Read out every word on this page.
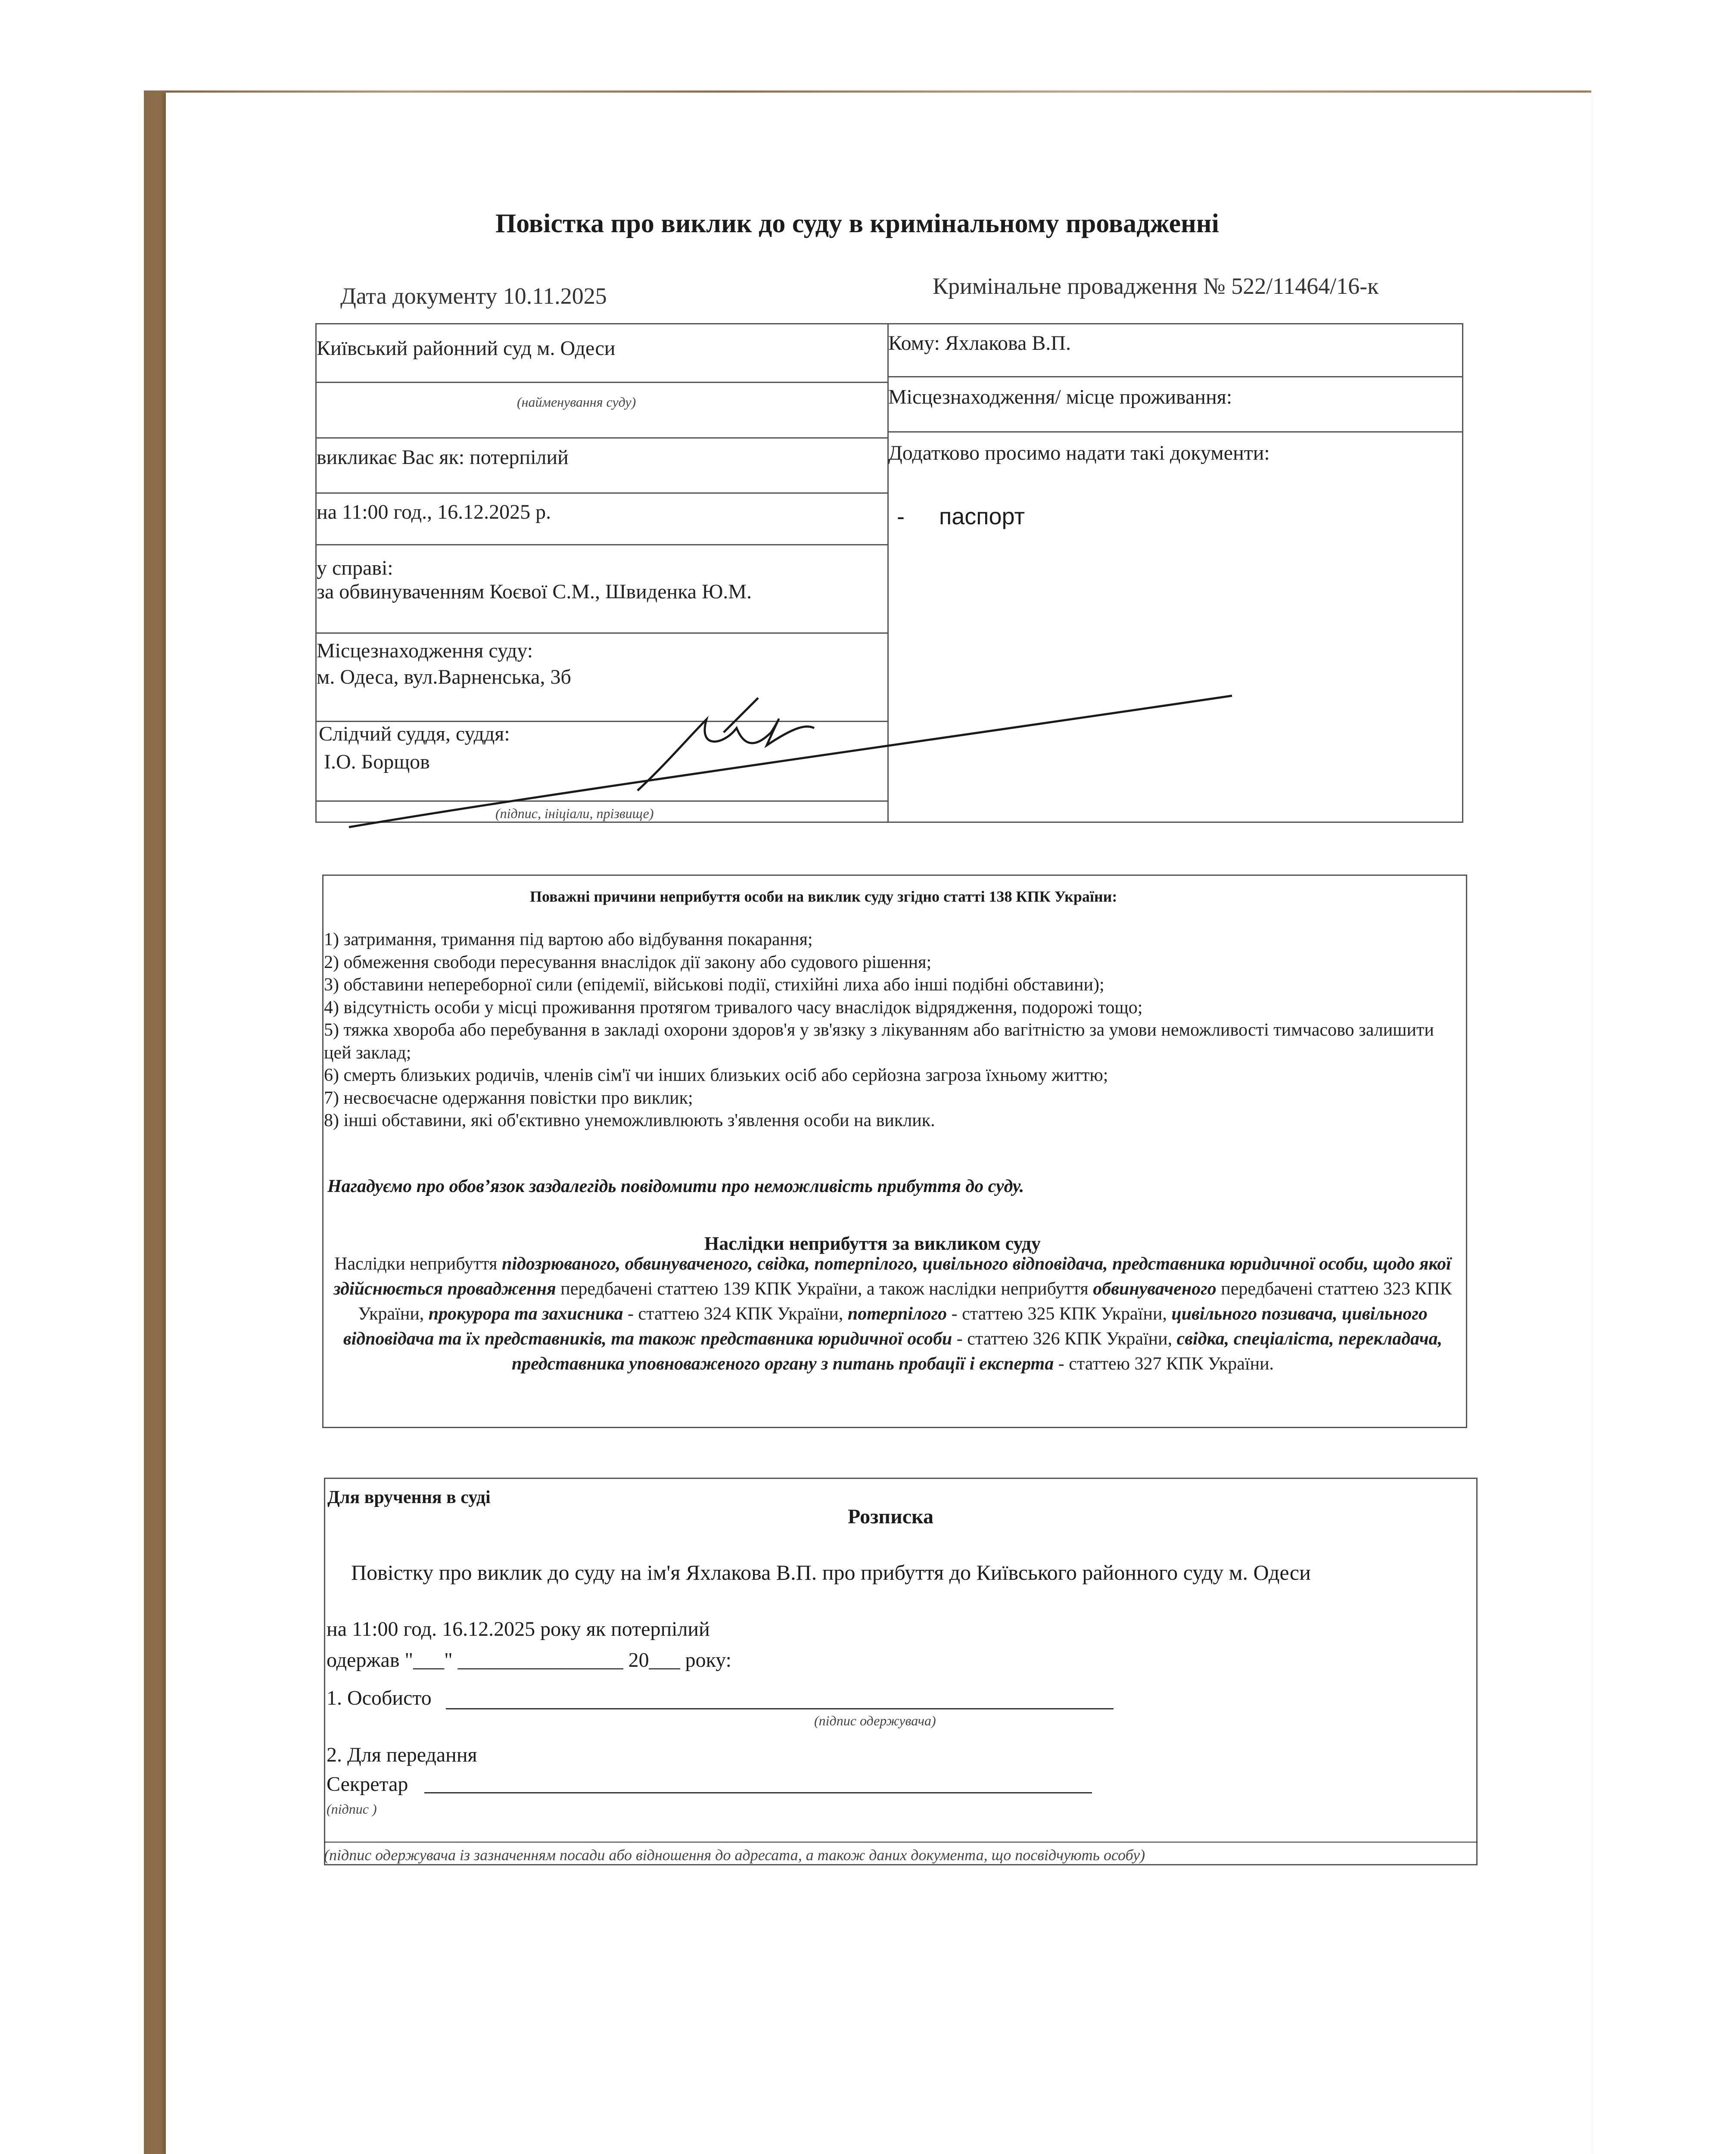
Повістка про виклик до суду в кримінальному провадженні
Дата документу 10.11.2025	Кримінальне провадження № 522/11464/16-к
Київський районний суд м. Одеси
(найменування суду)
викликає Вас як: потерпілий
на 11:00 год., 16.12.2025 р.
у справі:
за обвинуваченням Коєвої С.М., Швиденка Ю.М.
Місцезнаходження суду:
м. Одеса, вул.Варненська, 3б
Слідчий суддя, суддя:
І.О. Борщов
(підпис, ініціали, прізвище)
Кому: Яхлакова В.П.
Місцезнаходження/ місце проживання:
Додатково просимо надати такі документи:
- паспорт
Поважні причини неприбуття особи на виклик суду згідно статті 138 КПК України:
1) затримання, тримання під вартою або відбування покарання;
2) обмеження свободи пересування внаслідок дії закону або судового рішення;
3) обставини непереборної сили (епідемії, військові події, стихійні лиха або інші подібні обставини);
4) відсутність особи у місці проживання протягом тривалого часу внаслідок відрядження, подорожі тощо;
5) тяжка хвороба або перебування в закладі охорони здоров'я у зв'язку з лікуванням або вагітністю за умови неможливості тимчасово залишити цей заклад;
6) смерть близьких родичів, членів сім'ї чи інших близьких осіб або серйозна загроза їхньому життю;
7) несвоєчасне одержання повістки про виклик;
8) інші обставини, які об'єктивно унеможливлюють з'явлення особи на виклик.
Нагадуємо про обов’язок заздалегідь повідомити про неможливість прибуття до суду.
Наслідки неприбуття за викликом суду
Наслідки неприбуття підозрюваного, обвинуваченого, свідка, потерпілого, цивільного відповідача, представника юридичної особи, щодо якої здійснюється провадження передбачені статтею 139 КПК України, а також наслідки неприбуття обвинуваченого передбачені статтею 323 КПК України, прокурора та захисника - статтею 324 КПК України, потерпілого - статтею 325 КПК України, цивільного позивача, цивільного відповідача та їх представників, та також представника юридичної особи - статтею 326 КПК України, свідка, спеціаліста, перекладача, представника уповноваженого органу з питань пробації і експерта - статтею 327 КПК України.
Для вручення в суді
Розписка
Повістку про виклик до суду на ім'я Яхлакова В.П. про прибуття до Київського районного суду м. Одеси
на 11:00 год. 16.12.2025 року як потерпілий
одержав "___" ________________ 20___ року:
1. Особисто
(підпис одержувача)
2. Для передання
Секретар
(підпис )
(підпис одержувача із зазначенням посади або відношення до адресата, а також даних документа, що посвідчують особу)
